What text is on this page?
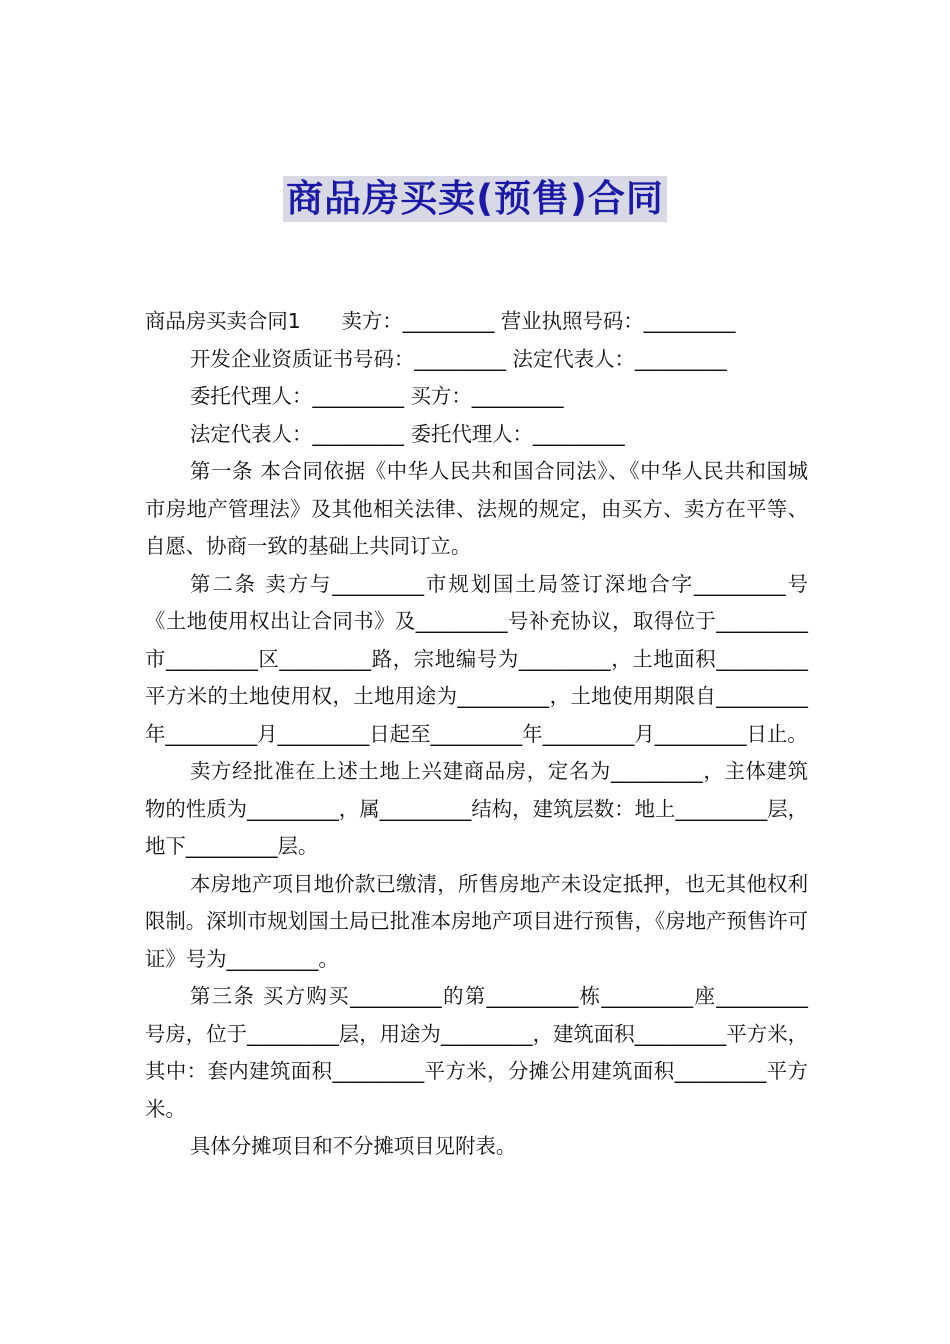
商品房买卖(预售)合同
商品房买卖合同1　　卖方：_________ 营业执照号码：_________
开发企业资质证书号码：_________ 法定代表人：_________
委托代理人：_________ 买方：_________
法定代表人：_________ 委托代理人：_________

第一条 本合同依据《中华人民共和国合同法》、《中华人民共和国城市房地产管理法》及其他相关法律、法规的规定，由买方、卖方在平等、自愿、协商一致的基础上共同订立。

第二条 卖方与_________市规划国土局签订深地合字_________号《土地使用权出让合同书》及_________号补充协议，取得位于_________市_________区_________路，宗地编号为_________，土地面积_________平方米的土地使用权，土地用途为_________，土地使用期限自_________年_________月_________日起至_________年_________月_________日止。

卖方经批准在上述土地上兴建商品房，定名为_________，主体建筑物的性质为_________，属_________结构，建筑层数：地上_________层，地下_________层。

本房地产项目地价款已缴清，所售房地产未设定抵押，也无其他权利限制。深圳市规划国土局已批准本房地产项目进行预售，《房地产预售许可证》号为_________。

第三条 买方购买_________的第_________栋_________座_________号房，位于_________层，用途为_________，建筑面积_________平方米，其中：套内建筑面积_________平方米，分摊公用建筑面积_________平方米。

具体分摊项目和不分摊项目见附表。
